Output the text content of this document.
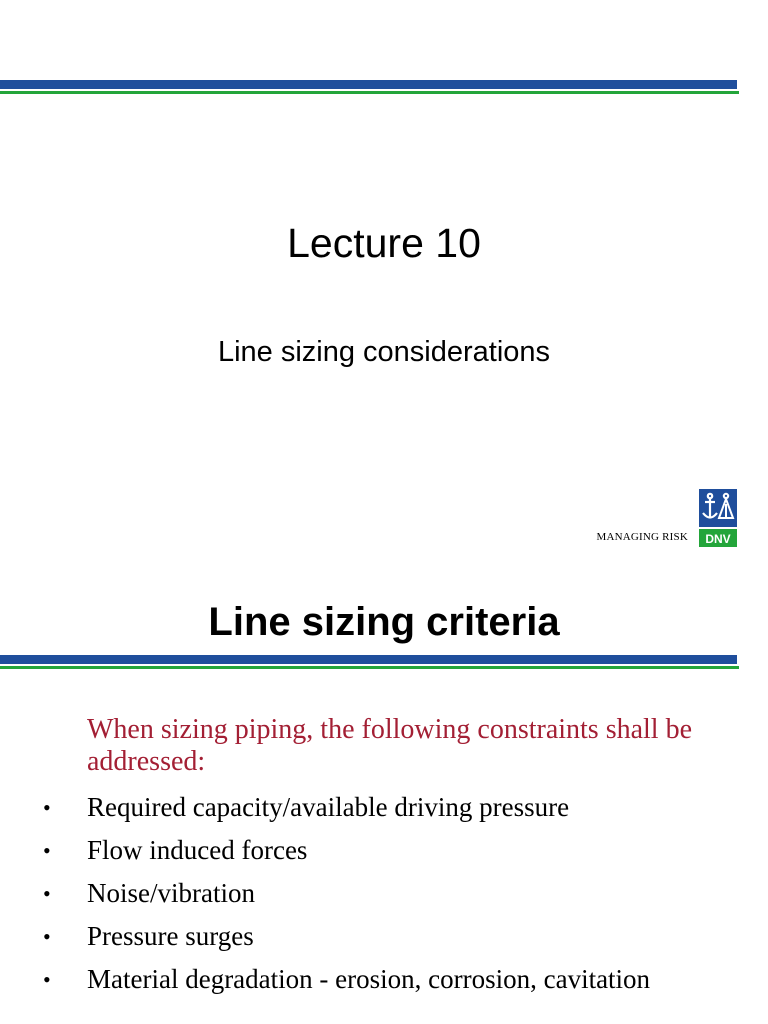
Lecture 10
Line sizing considerations
MANAGING RISK DNV
Line sizing criteria
When sizing piping, the following constraints shall be addressed:
• Required capacity/available driving pressure
• Flow induced forces
• Noise/vibration
• Pressure surges
• Material degradation - erosion, corrosion, cavitation
